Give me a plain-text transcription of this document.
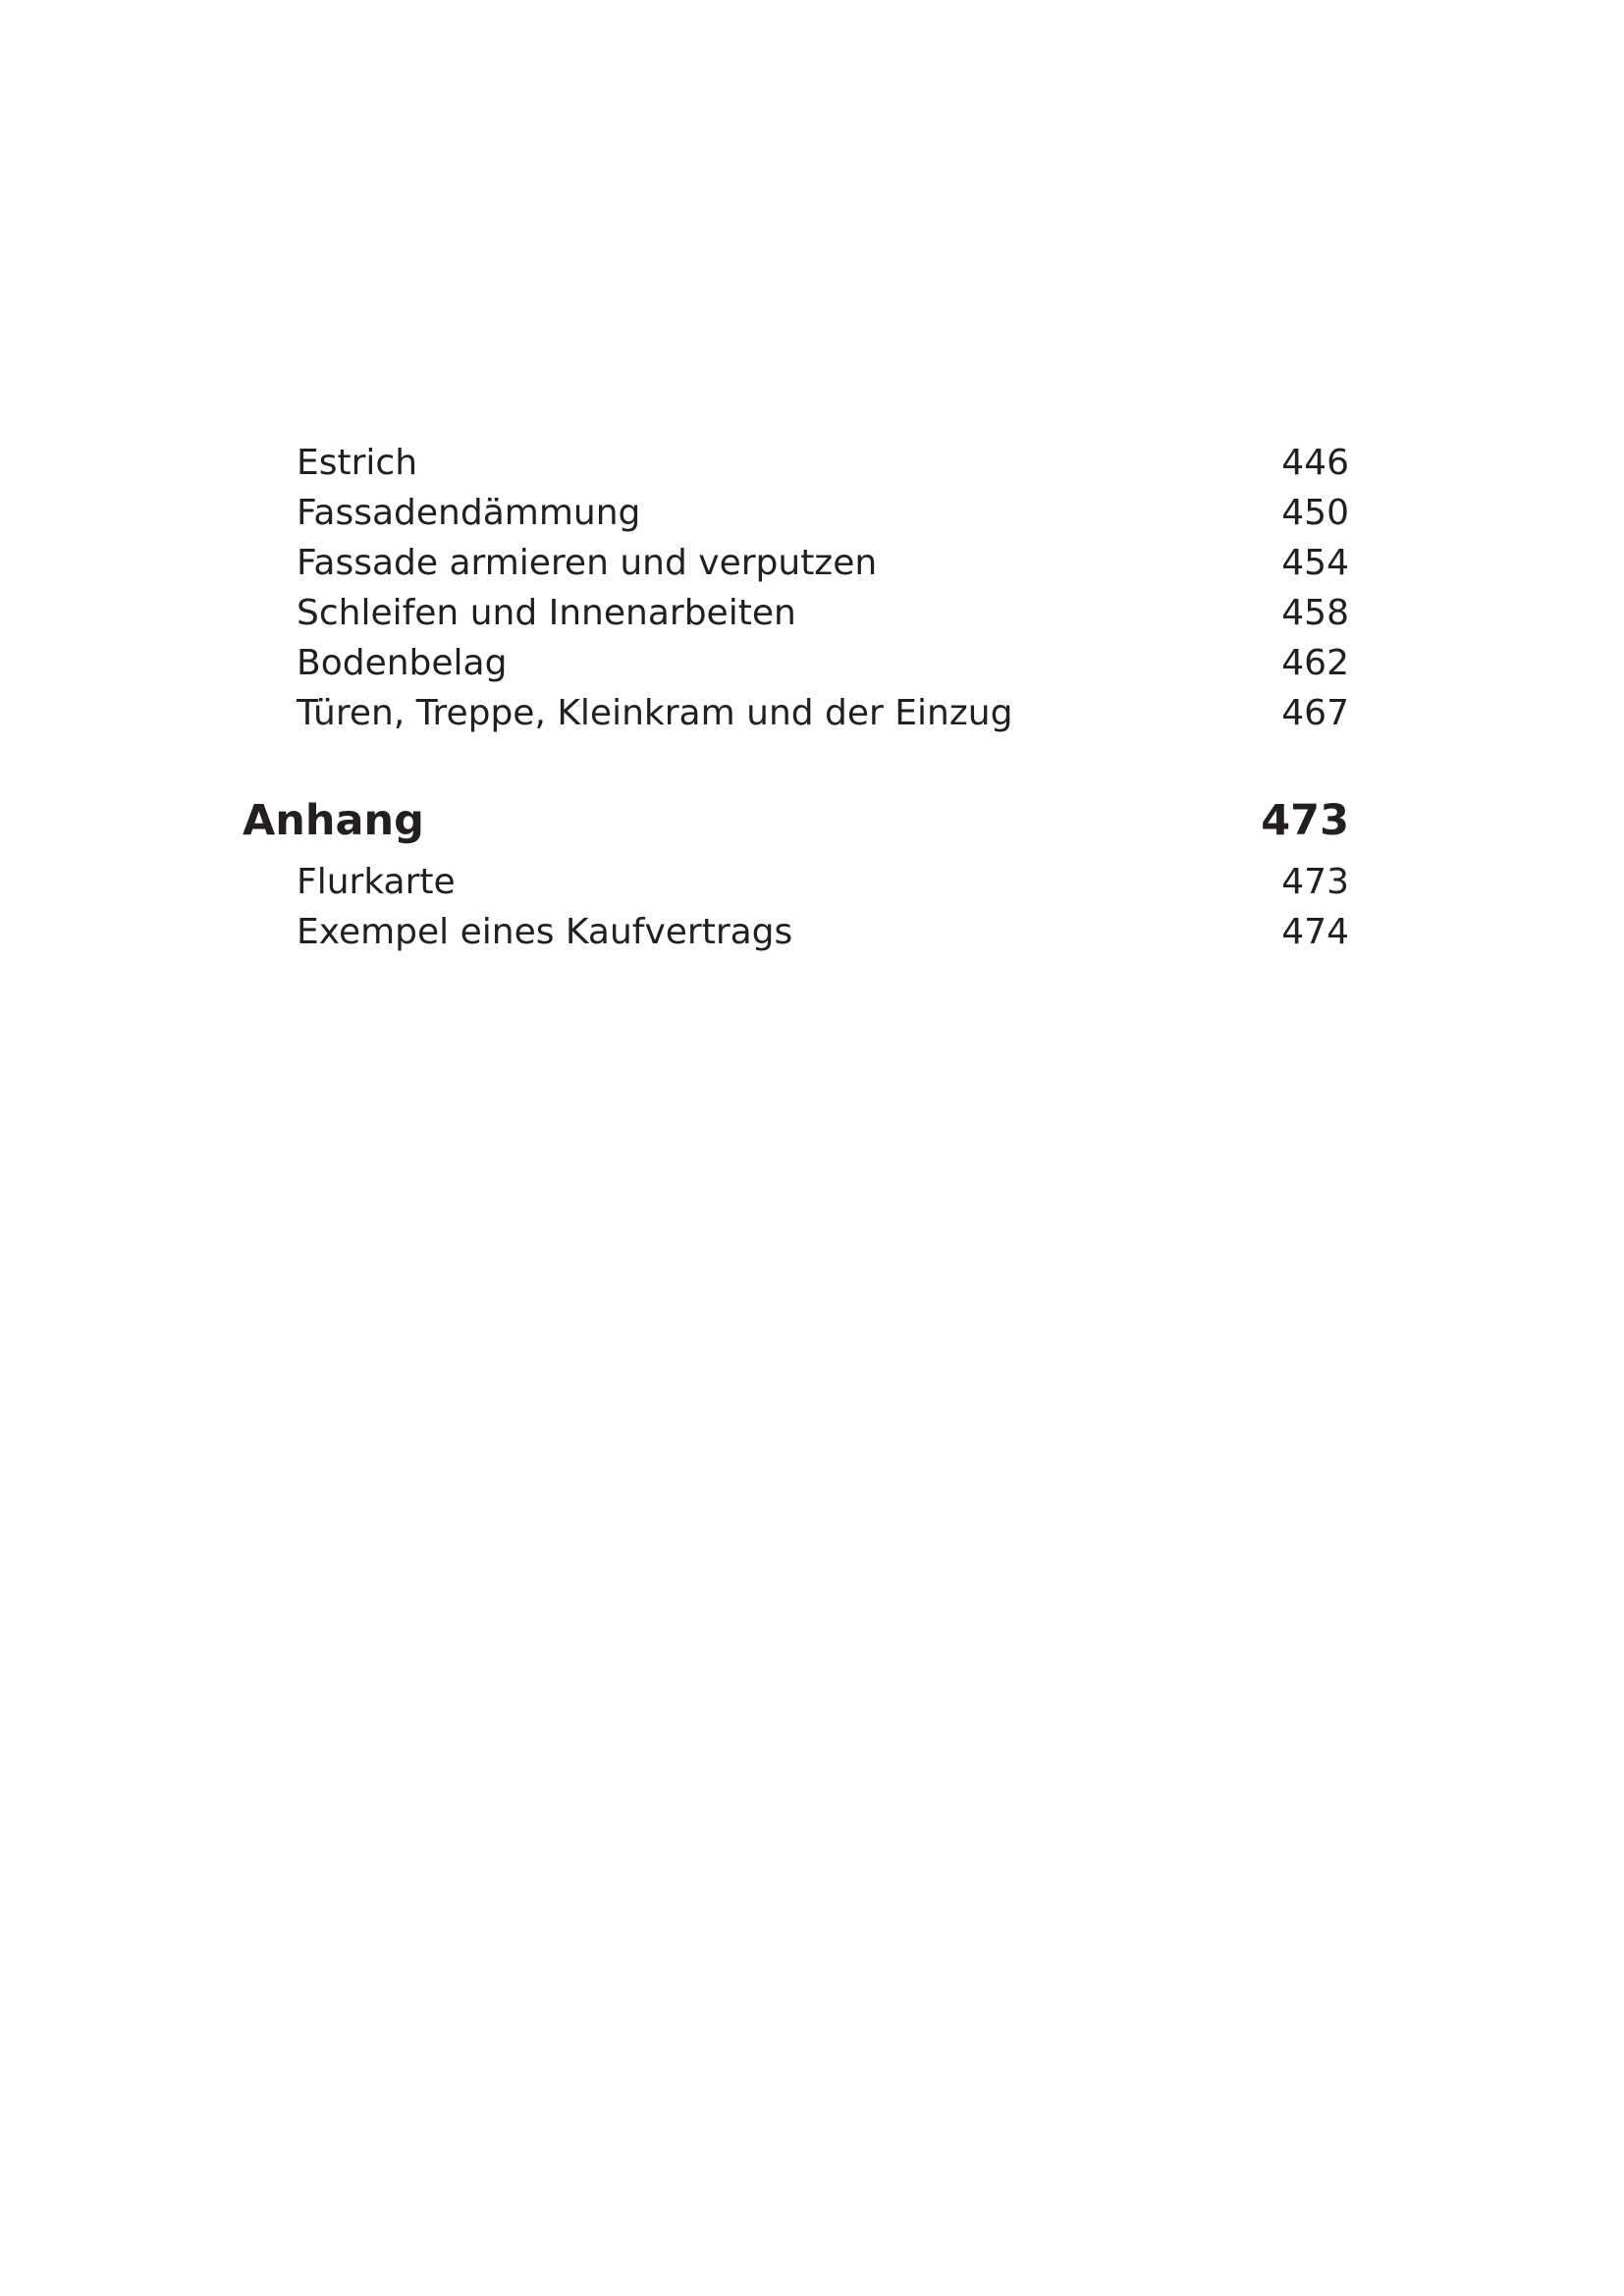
Estrich	446
Fassadendämmung	450
Fassade armieren und verputzen	454
Schleifen und Innenarbeiten	458
Bodenbelag	462
Türen, Treppe, Kleinkram und der Einzug	467
Anhang	473
Flurkarte	473
Exempel eines Kaufvertrags	474
